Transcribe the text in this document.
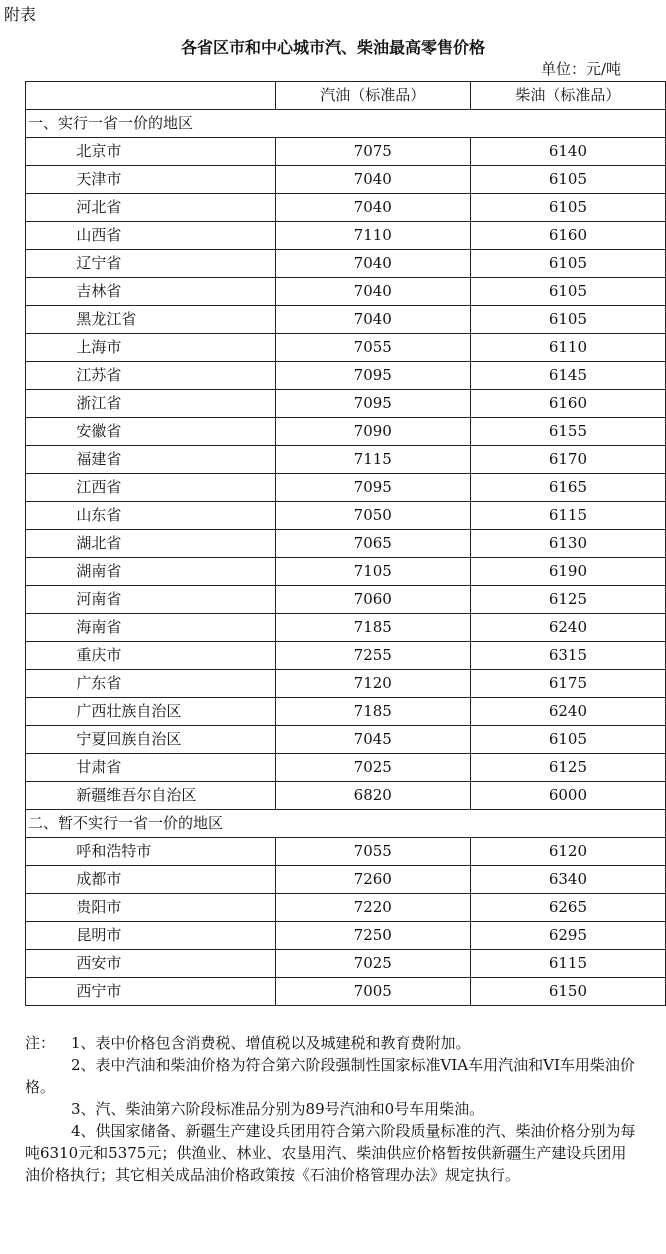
附表
各省区市和中心城市汽、柴油最高零售价格
单位：元/吨
		汽油（标准品）	柴油（标准品）
一、实行一省一价的地区			
	北京市	7075	6140
	天津市	7040	6105
	河北省	7040	6105
	山西省	7110	6160
	辽宁省	7040	6105
	吉林省	7040	6105
	黑龙江省	7040	6105
	上海市	7055	6110
	江苏省	7095	6145
	浙江省	7095	6160
	安徽省	7090	6155
	福建省	7115	6170
	江西省	7095	6165
	山东省	7050	6115
	湖北省	7065	6130
	湖南省	7105	6190
	河南省	7060	6125
	海南省	7185	6240
	重庆市	7255	6315
	广东省	7120	6175
	广西壮族自治区	7185	6240
	宁夏回族自治区	7045	6105
	甘肃省	7025	6125
	新疆维吾尔自治区	6820	6000
二、暂不实行一省一价的地区			
	呼和浩特市	7055	6120
	成都市	7260	6340
	贵阳市	7220	6265
	昆明市	7250	6295
	西安市	7025	6115
	西宁市	7005	6150

注： 1、表中价格包含消费税、增值税以及城建税和教育费附加。

2、表中汽油和柴油价格为符合第六阶段强制性国家标准VIA车用汽油和VI车用柴油价格。

3、汽、柴油第六阶段标准品分别为89号汽油和0号车用柴油。

4、供国家储备、新疆生产建设兵团用符合第六阶段质量标准的汽、柴油价格分别为每吨6310元和5375元；供渔业、林业、农垦用汽、柴油供应价格暂按供新疆生产建设兵团用油价格执行；其它相关成品油价格政策按《石油价格管理办法》规定执行。
